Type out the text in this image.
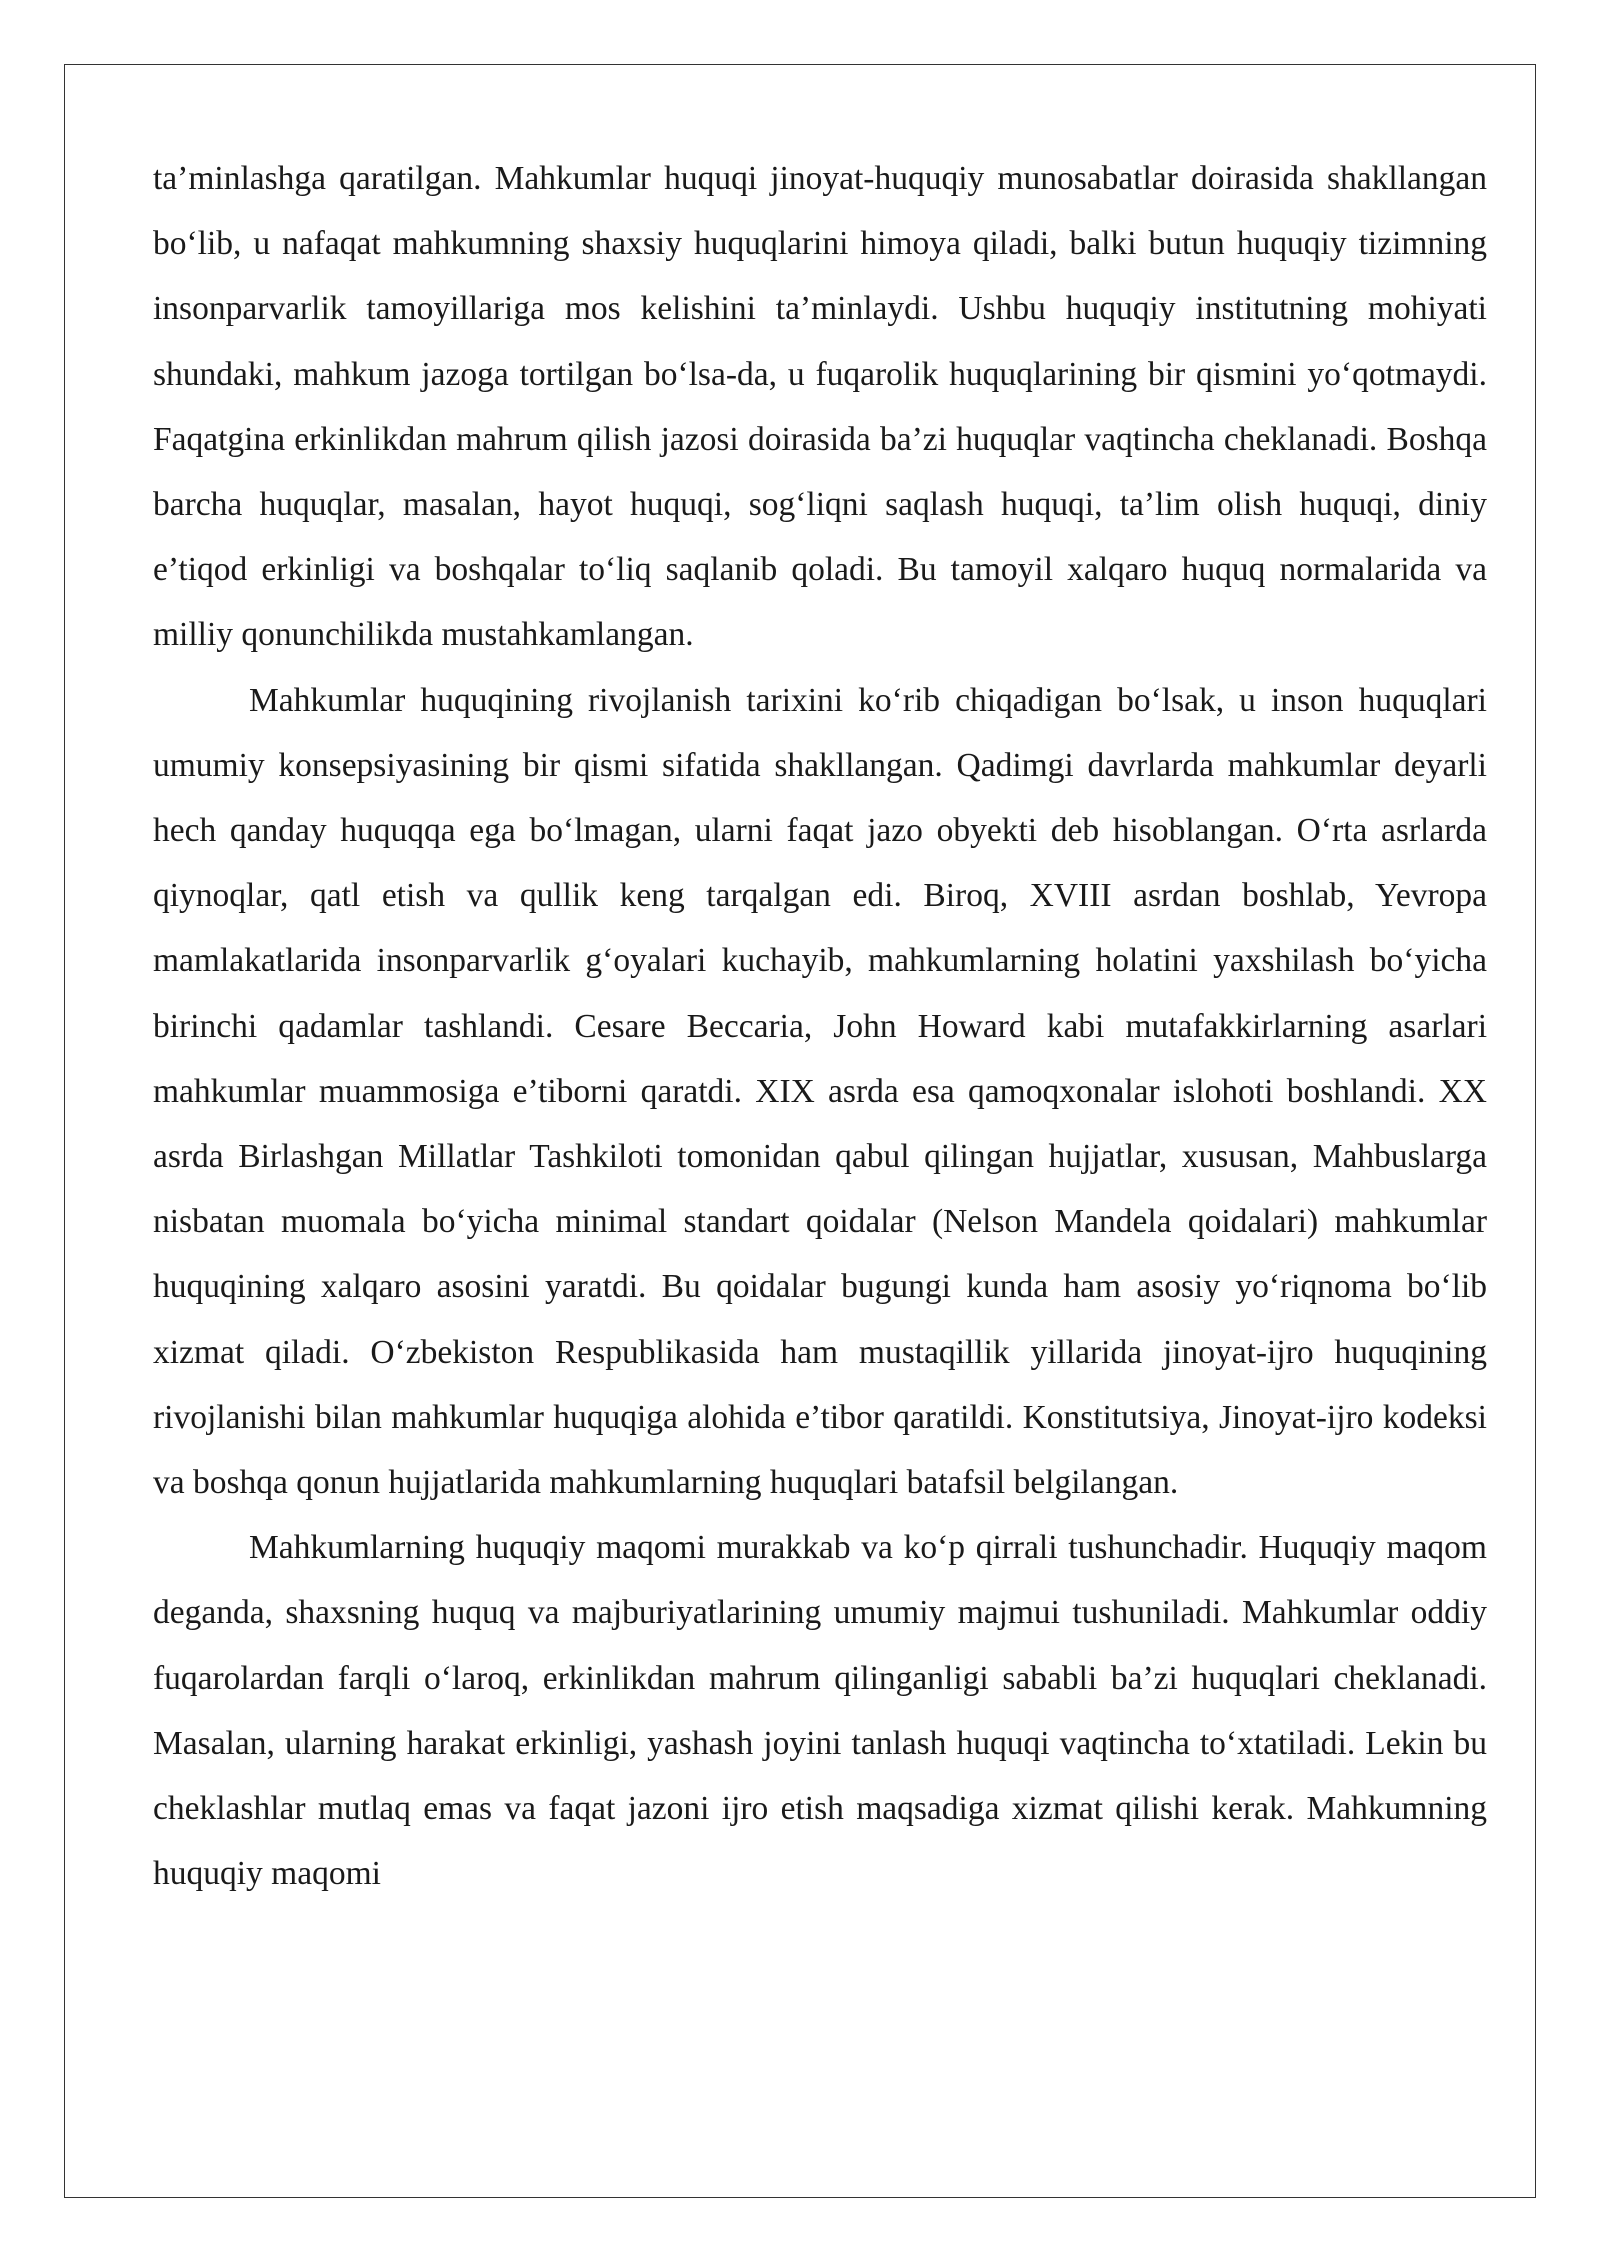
ta’minlashga qaratilgan. Mahkumlar huquqi jinoyat-huquqiy munosabatlar doirasida shakllangan bo‘lib, u nafaqat mahkumning shaxsiy huquqlarini himoya qiladi, balki butun huquqiy tizimning insonparvarlik tamoyillariga mos kelishini ta’minlaydi. Ushbu huquqiy institutning mohiyati shundaki, mahkum jazoga tortilgan bo‘lsa-da, u fuqarolik huquqlarining bir qismini yo‘qotmaydi. Faqatgina erkinlikdan mahrum qilish jazosi doirasida ba’zi huquqlar vaqtincha cheklanadi. Boshqa barcha huquqlar, masalan, hayot huquqi, sog‘liqni saqlash huquqi, ta’lim olish huquqi, diniy e’tiqod erkinligi va boshqalar to‘liq saqlanib qoladi. Bu tamoyil xalqaro huquq normalarida va milliy qonunchilikda mustahkamlangan.

Mahkumlar huquqining rivojlanish tarixini ko‘rib chiqadigan bo‘lsak, u inson huquqlari umumiy konsepsiyasining bir qismi sifatida shakllangan. Qadimgi davrlarda mahkumlar deyarli hech qanday huquqqa ega bo‘lmagan, ularni faqat jazo obyekti deb hisoblangan. O‘rta asrlarda qiynoqlar, qatl etish va qullik keng tarqalgan edi. Biroq, XVIII asrdan boshlab, Yevropa mamlakatlarida insonparvarlik g‘oyalari kuchayib, mahkumlarning holatini yaxshilash bo‘yicha birinchi qadamlar tashlandi. Cesare Beccaria, John Howard kabi mutafakkirlarning asarlari mahkumlar muammosiga e’tiborni qaratdi. XIX asrda esa qamoqxonalar islohoti boshlandi. XX asrda Birlashgan Millatlar Tashkiloti tomonidan qabul qilingan hujjatlar, xususan, Mahbuslarga nisbatan muomala bo‘yicha minimal standart qoidalar (Nelson Mandela qoidalari) mahkumlar huquqining xalqaro asosini yaratdi. Bu qoidalar bugungi kunda ham asosiy yo‘riqnoma bo‘lib xizmat qiladi. O‘zbekiston Respublikasida ham mustaqillik yillarida jinoyat-ijro huquqining rivojlanishi bilan mahkumlar huquqiga alohida e’tibor qaratildi. Konstitutsiya, Jinoyat-ijro kodeksi va boshqa qonun hujjatlarida mahkumlarning huquqlari batafsil belgilangan.

Mahkumlarning huquqiy maqomi murakkab va ko‘p qirrali tushunchadir. Huquqiy maqom deganda, shaxsning huquq va majburiyatlarining umumiy majmui tushuniladi. Mahkumlar oddiy fuqarolardan farqli o‘laroq, erkinlikdan mahrum qilinganligi sababli ba’zi huquqlari cheklanadi. Masalan, ularning harakat erkinligi, yashash joyini tanlash huquqi vaqtincha to‘xtatiladi. Lekin bu cheklashlar mutlaq emas va faqat jazoni ijro etish maqsadiga xizmat qilishi kerak. Mahkumning huquqiy maqomi
